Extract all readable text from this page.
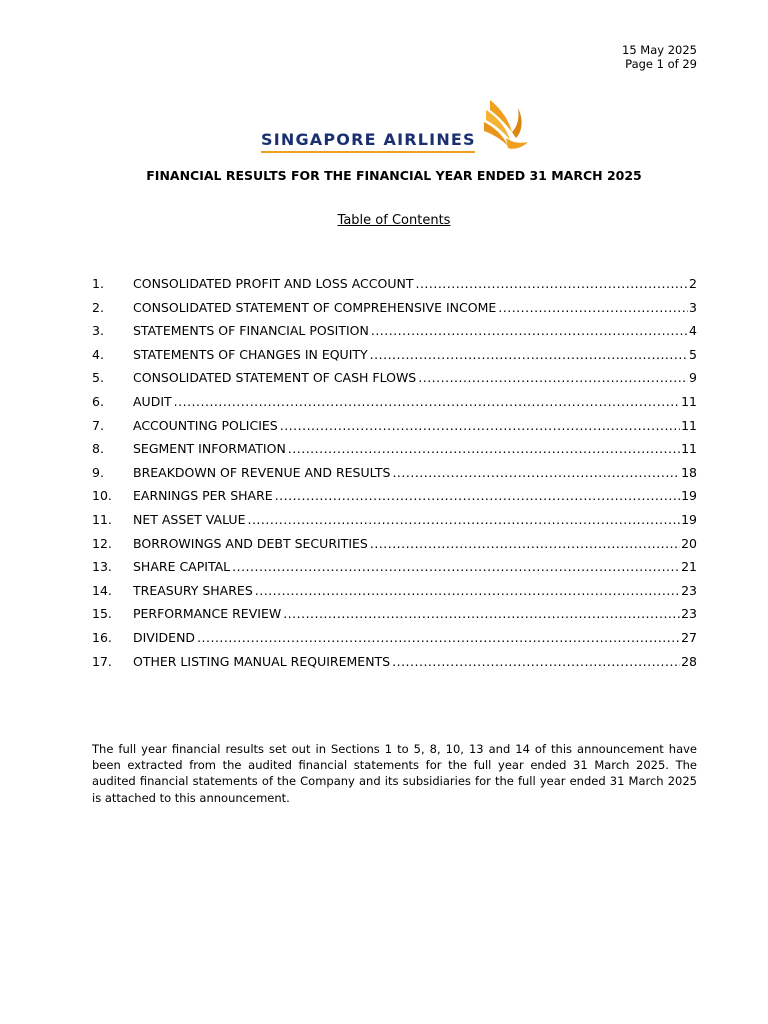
15 May 2025
Page 1 of 29
SINGAPORE AIRLINES
FINANCIAL RESULTS FOR THE FINANCIAL YEAR ENDED 31 MARCH 2025
Table of Contents
1.	CONSOLIDATED PROFIT AND LOSS ACCOUNT .....	2
2.	CONSOLIDATED STATEMENT OF COMPREHENSIVE INCOME .....	3
3.	STATEMENTS OF FINANCIAL POSITION .....	4
4.	STATEMENTS OF CHANGES IN EQUITY .....	5
5.	CONSOLIDATED STATEMENT OF CASH FLOWS .....	9
6.	AUDIT .....	11
7.	ACCOUNTING POLICIES .....	11
8.	SEGMENT INFORMATION .....	11
9.	BREAKDOWN OF REVENUE AND RESULTS .....	18
10.	EARNINGS PER SHARE .....	19
11.	NET ASSET VALUE .....	19
12.	BORROWINGS AND DEBT SECURITIES .....	20
13.	SHARE CAPITAL .....	21
14.	TREASURY SHARES .....	23
15.	PERFORMANCE REVIEW .....	23
16.	DIVIDEND .....	27
17.	OTHER LISTING MANUAL REQUIREMENTS .....	28
The full year financial results set out in Sections 1 to 5, 8, 10, 13 and 14 of this announcement have been extracted from the audited financial statements for the full year ended 31 March 2025. The audited financial statements of the Company and its subsidiaries for the full year ended 31 March 2025 is attached to this announcement.
